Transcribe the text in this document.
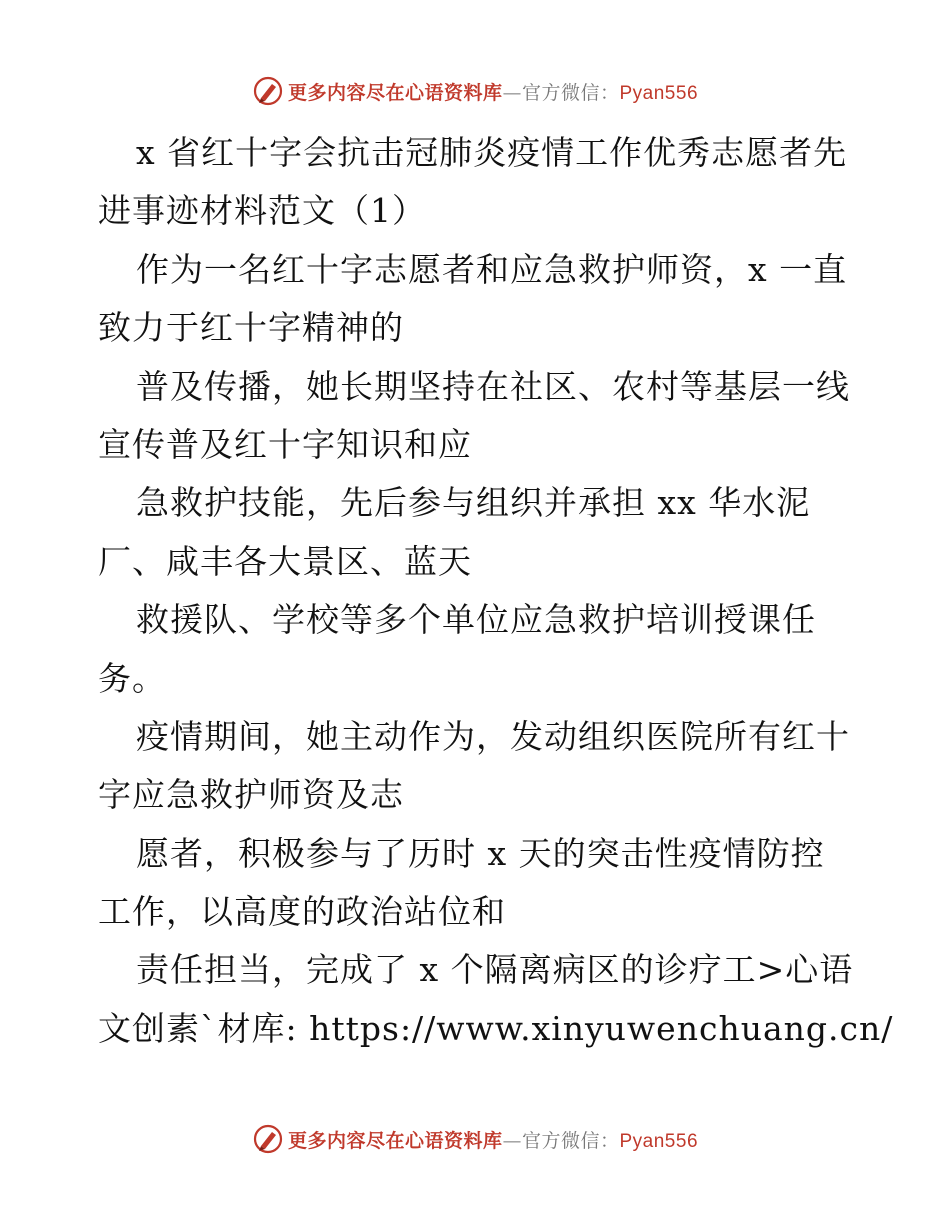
更多内容尽在心语资料库—官方微信：Pyan556
x 省红十字会抗击冠肺炎疫情工作优秀志愿者先
进事迹材料范文（1）
作为一名红十字志愿者和应急救护师资，x 一直
致力于红十字精神的
普及传播，她长期坚持在社区、农村等基层一线
宣传普及红十字知识和应
急救护技能，先后参与组织并承担 xx 华水泥
厂、咸丰各大景区、蓝天
救援队、学校等多个单位应急救护培训授课任
务。
疫情期间，她主动作为，发动组织医院所有红十
字应急救护师资及志
愿者，积极参与了历时 x 天的突击性疫情防控
工作，以高度的政治站位和
责任担当，完成了 x 个隔离病区的诊疗工>心语
文创素`材库: https://www.xinyuwenchuang.cn/
更多内容尽在心语资料库—官方微信：Pyan556
